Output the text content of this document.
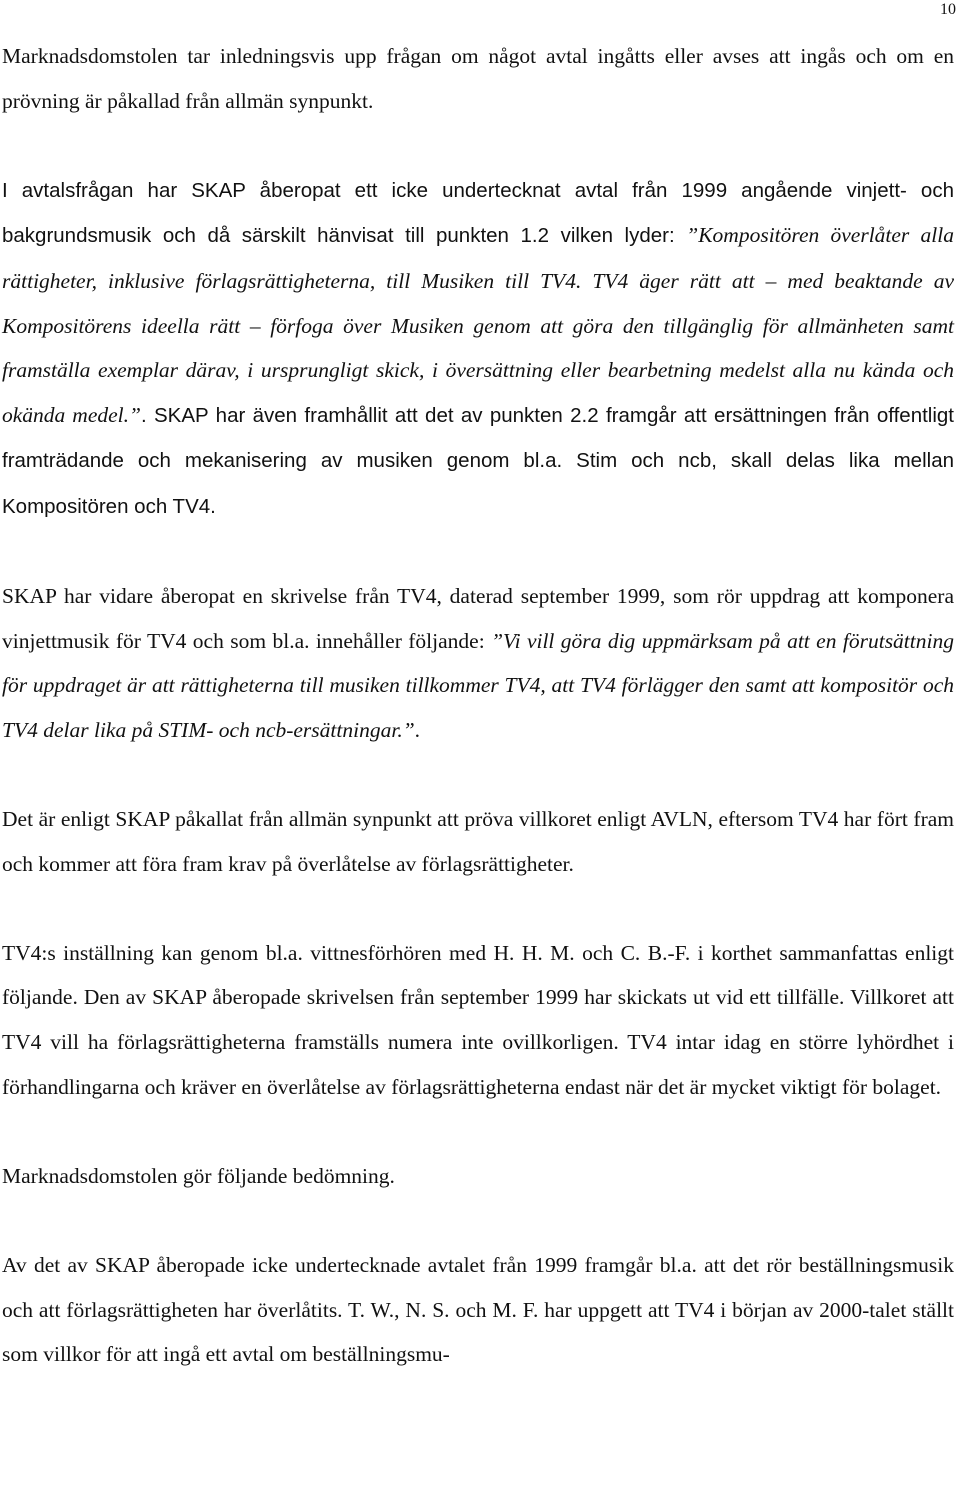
10

Marknadsdomstolen tar inledningsvis upp frågan om något avtal ingåtts eller avses att ingås och om en prövning är påkallad från allmän synpunkt.

I avtalsfrågan har SKAP åberopat ett icke undertecknat avtal från 1999 angående vinjett- och bakgrundsmusik och då särskilt hänvisat till punkten 1.2 vilken lyder: ”Kompositören överlåter alla rättigheter, inklusive förlagsrättigheterna, till Musiken till TV4. TV4 äger rätt att – med beaktande av Kompositörens ideella rätt – förfoga över Musiken genom att göra den tillgänglig för allmänheten samt framställa exemplar därav, i ursprungligt skick, i översättning eller bearbetning medelst alla nu kända och okända medel.”. SKAP har även framhållit att det av punkten 2.2 framgår att ersättningen från offentligt framträdande och mekanisering av musiken genom bl.a. Stim och ncb, skall delas lika mellan Kompositören och TV4.

SKAP har vidare åberopat en skrivelse från TV4, daterad september 1999, som rör uppdrag att komponera vinjettmusik för TV4 och som bl.a. innehåller följande: ”Vi vill göra dig uppmärksam på att en förutsättning för uppdraget är att rättigheterna till musiken tillkommer TV4, att TV4 förlägger den samt att kompositör och TV4 delar lika på STIM- och ncb-ersättningar.”.

Det är enligt SKAP påkallat från allmän synpunkt att pröva villkoret enligt AVLN, eftersom TV4 har fört fram och kommer att föra fram krav på överlåtelse av förlagsrättigheter.

TV4:s inställning kan genom bl.a. vittnesförhören med H. H. M. och C. B.-F. i korthet sammanfattas enligt följande. Den av SKAP åberopade skrivelsen från september 1999 har skickats ut vid ett tillfälle. Villkoret att TV4 vill ha förlagsrättigheterna framställs numera inte ovillkorligen. TV4 intar idag en större lyhördhet i förhandlingarna och kräver en överlåtelse av förlagsrättigheterna endast när det är mycket viktigt för bolaget.

Marknadsdomstolen gör följande bedömning.

Av det av SKAP åberopade icke undertecknade avtalet från 1999 framgår bl.a. att det rör beställningsmusik och att förlagsrättigheten har överlåtits. T. W., N. S. och M. F. har uppgett att TV4 i början av 2000-talet ställt som villkor för att ingå ett avtal om beställningsmu-
